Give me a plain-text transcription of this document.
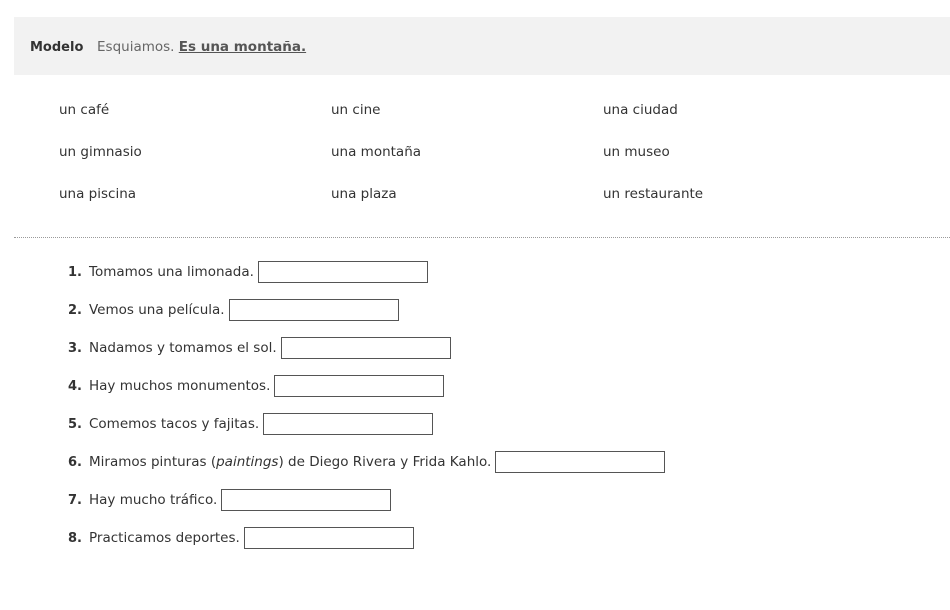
Modelo Esquiamos. Es una montaña.
un café	un cine	una ciudad
un gimnasio	una montaña	un museo
una piscina	una plaza	un restaurante
1. Tomamos una limonada.
2. Vemos una película.
3. Nadamos y tomamos el sol.
4. Hay muchos monumentos.
5. Comemos tacos y fajitas.
6. Miramos pinturas (paintings) de Diego Rivera y Frida Kahlo.
7. Hay mucho tráfico.
8. Practicamos deportes.
